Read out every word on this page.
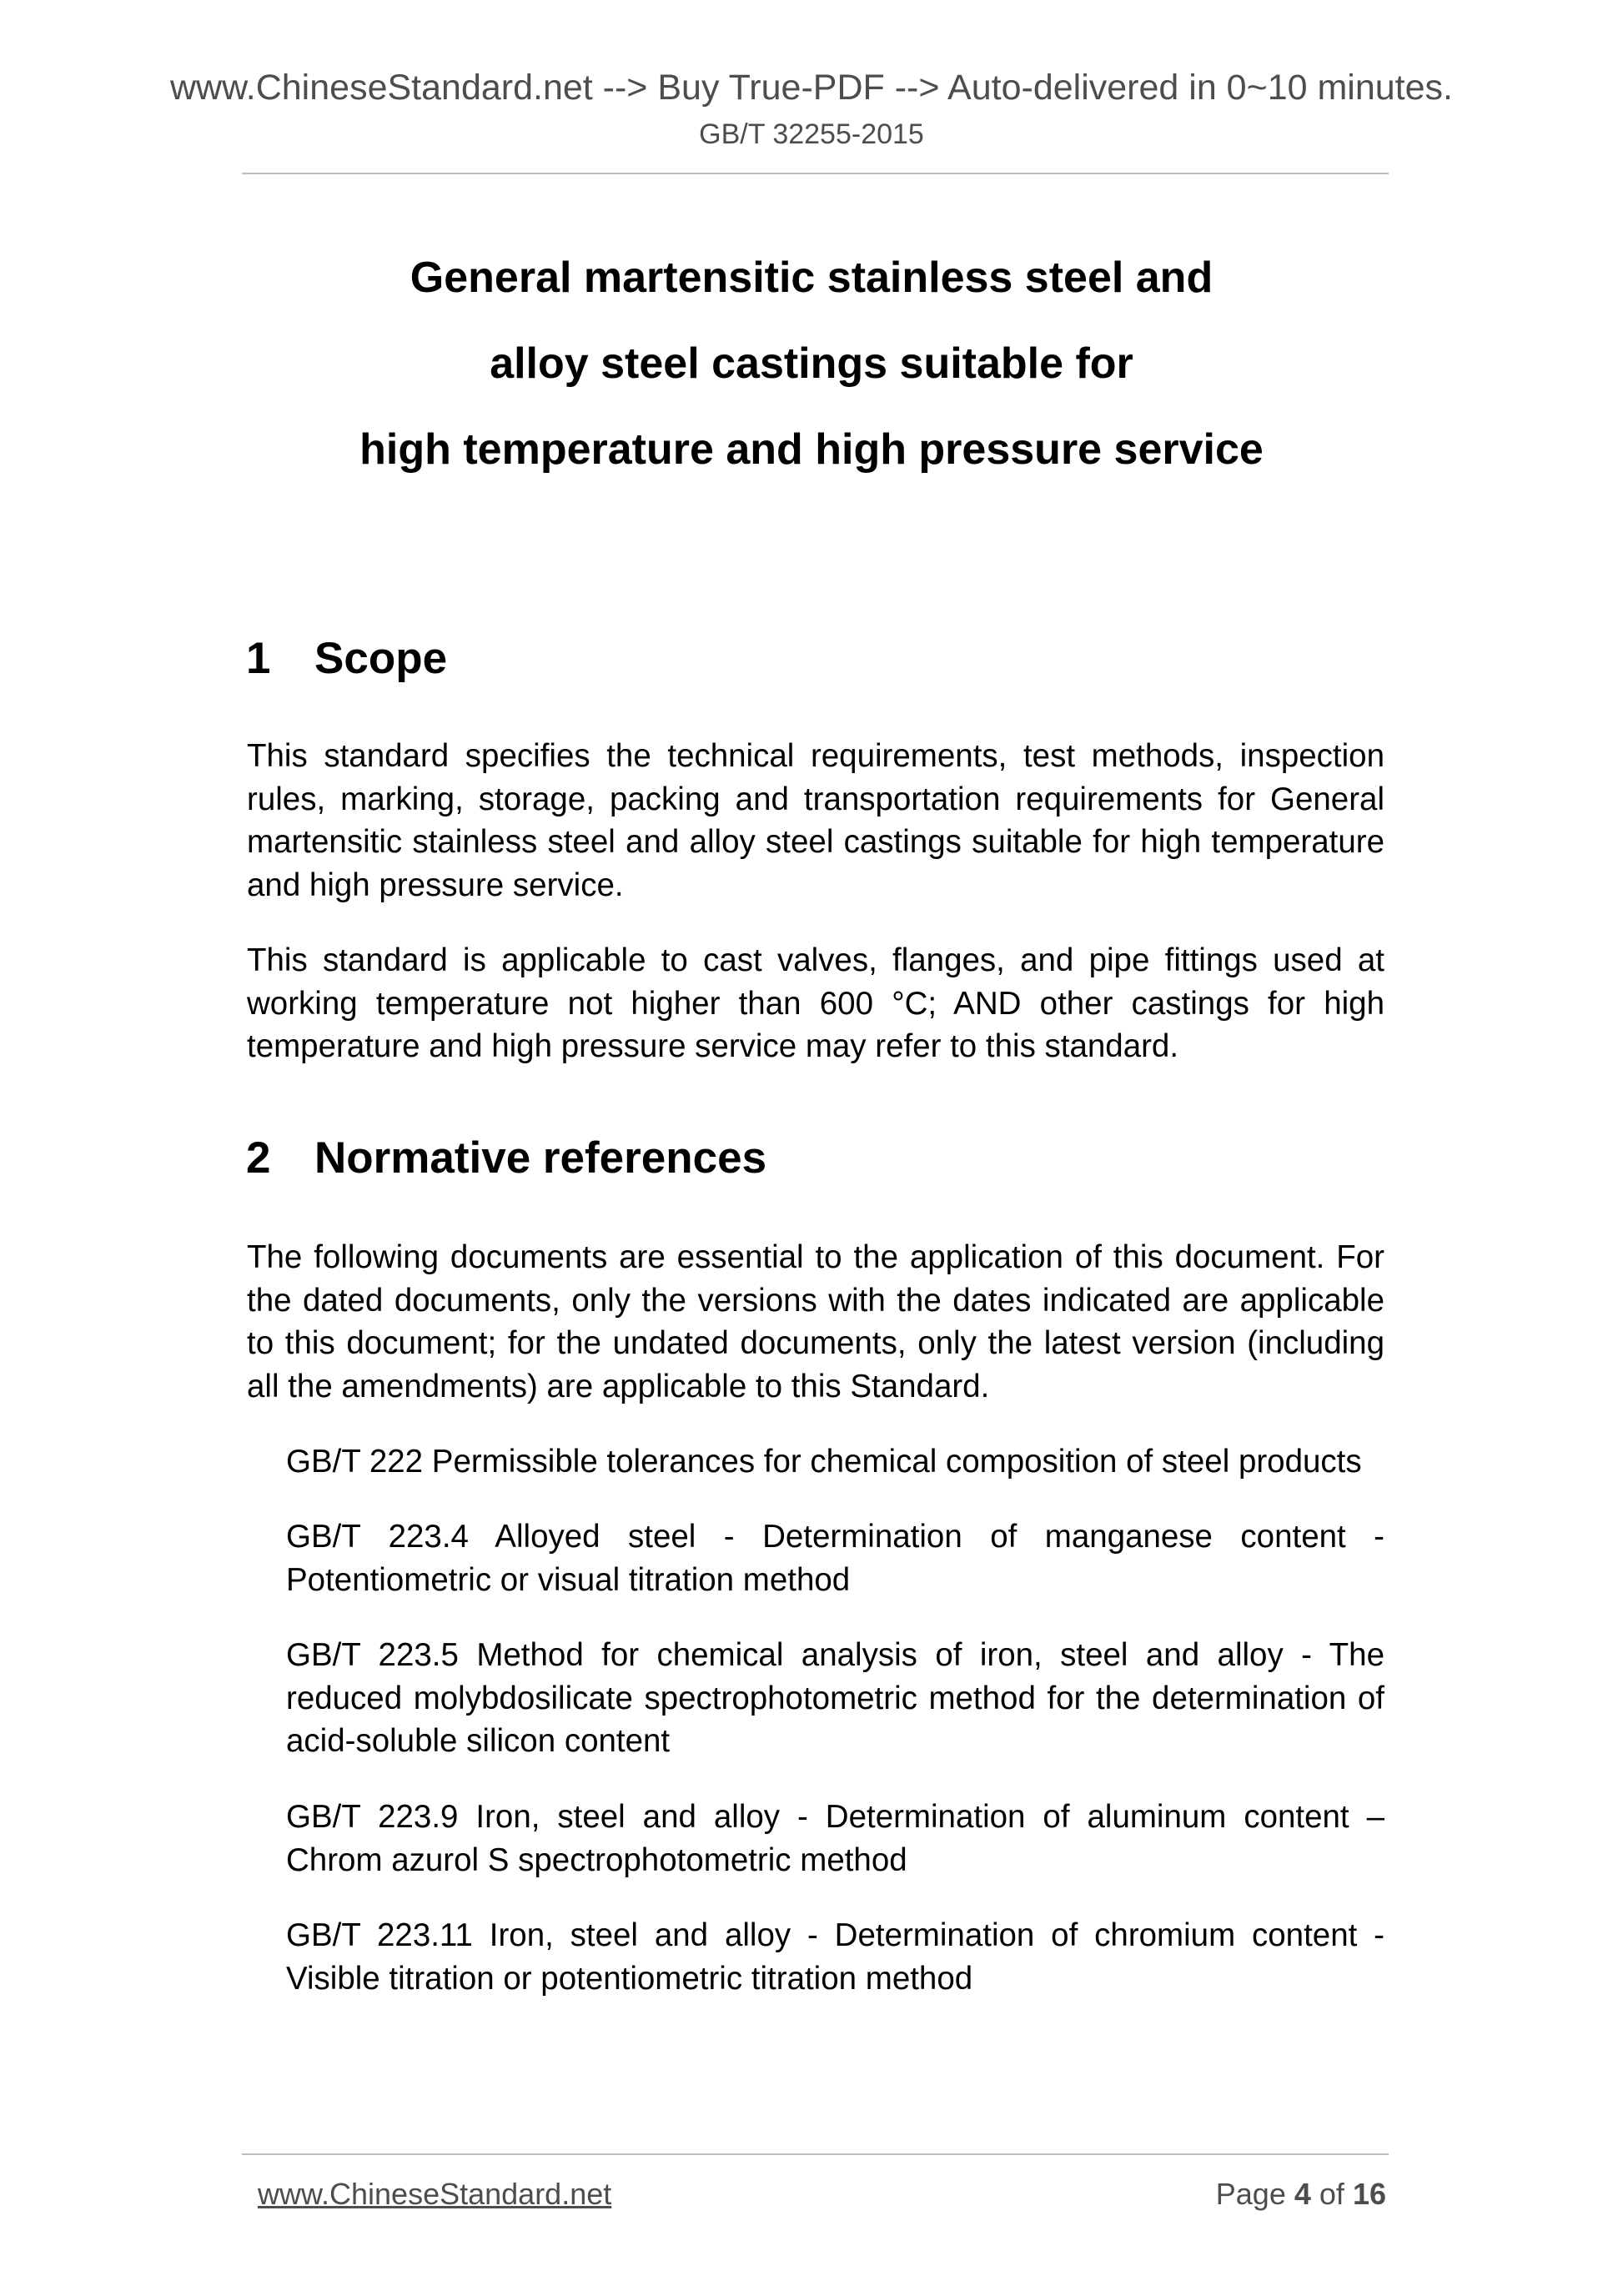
www.ChineseStandard.net --> Buy True-PDF --> Auto-delivered in 0~10 minutes.
GB/T 32255-2015
General martensitic stainless steel and
alloy steel castings suitable for
high temperature and high pressure service
1 Scope

This standard specifies the technical requirements, test methods, inspection rules, marking, storage, packing and transportation requirements for General martensitic stainless steel and alloy steel castings suitable for high temperature and high pressure service.

This standard is applicable to cast valves, flanges, and pipe fittings used at working temperature not higher than 600 °C; AND other castings for high temperature and high pressure service may refer to this standard.

2 Normative references

The following documents are essential to the application of this document. For the dated documents, only the versions with the dates indicated are applicable to this document; for the undated documents, only the latest version (including all the amendments) are applicable to this Standard.

GB/T 222 Permissible tolerances for chemical composition of steel products

GB/T 223.4 Alloyed steel - Determination of manganese content - Potentiometric or visual titration method

GB/T 223.5 Method for chemical analysis of iron, steel and alloy - The reduced molybdosilicate spectrophotometric method for the determination of acid-soluble silicon content

GB/T 223.9 Iron, steel and alloy - Determination of aluminum content – Chrom azurol S spectrophotometric method

GB/T 223.11 Iron, steel and alloy - Determination of chromium content - Visible titration or potentiometric titration method

www.ChineseStandard.net	Page 4 of 16
